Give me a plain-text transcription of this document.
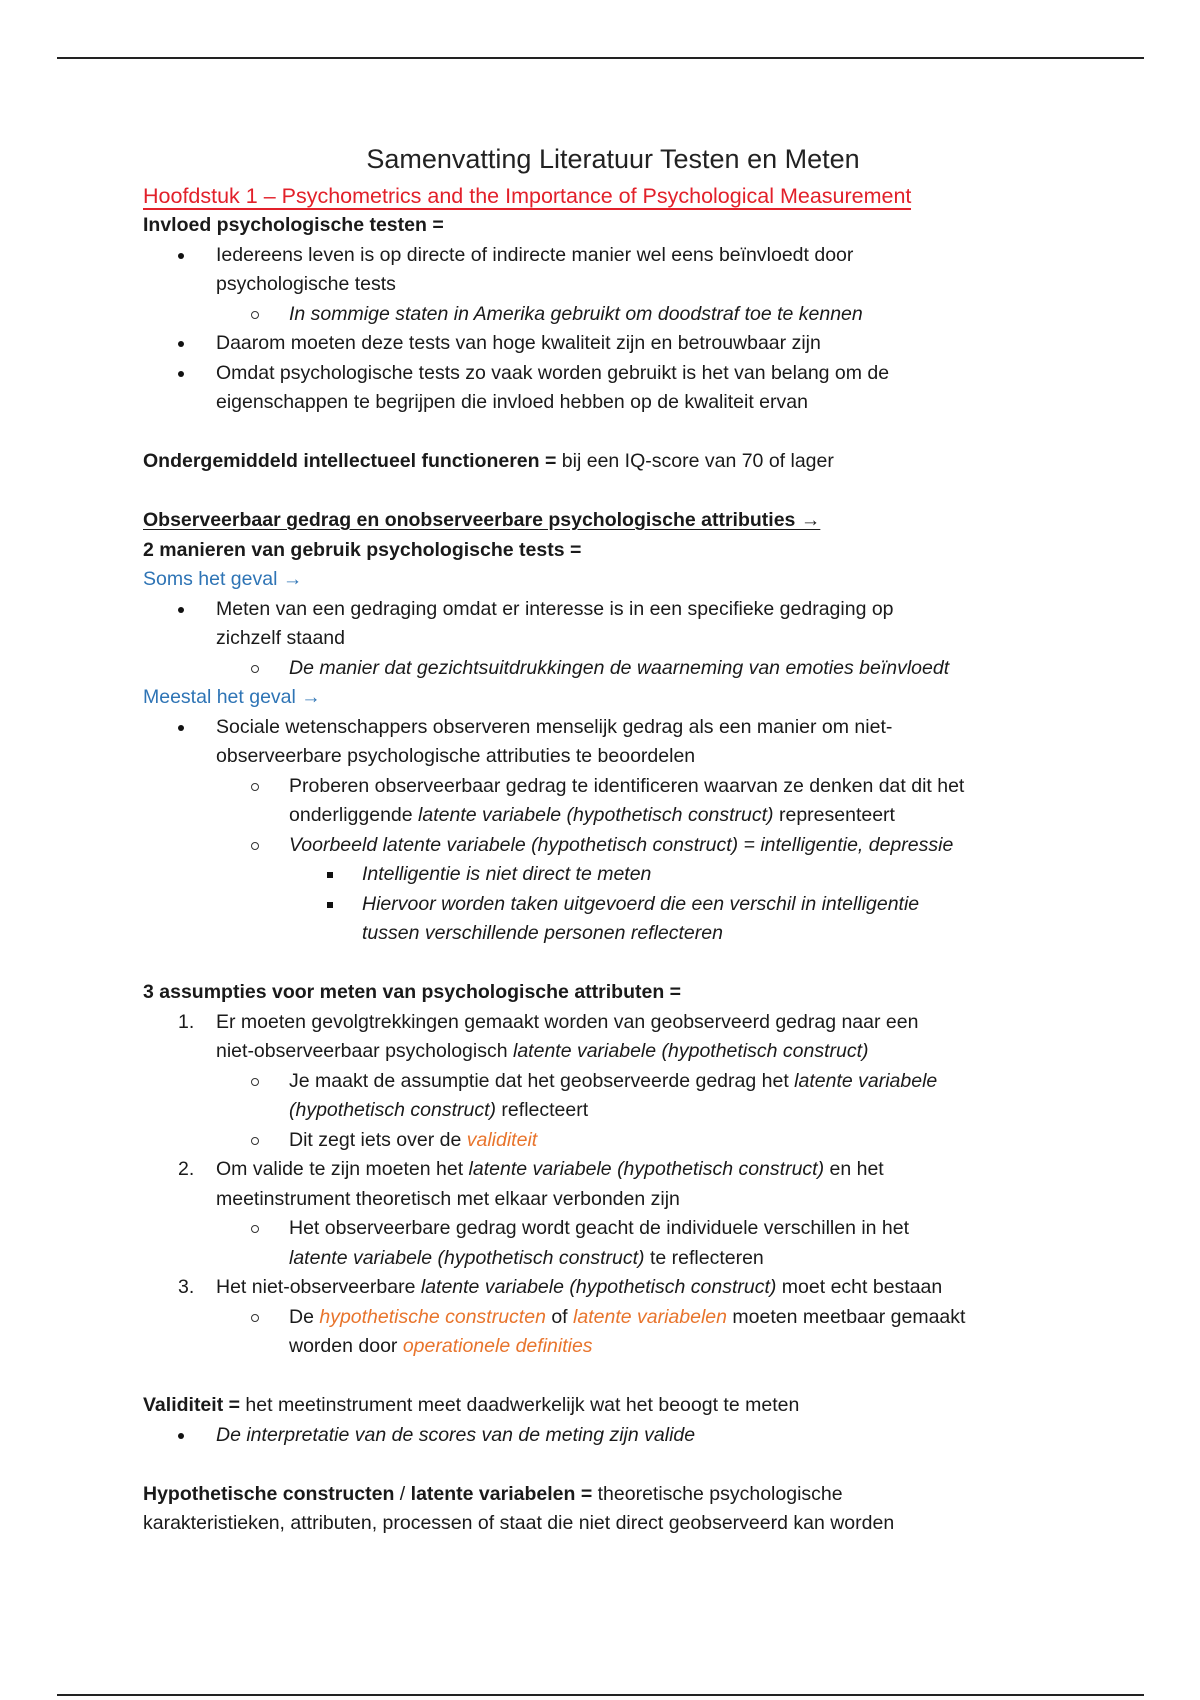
Samenvatting Literatuur Testen en Meten
Hoofdstuk 1 – Psychometrics and the Importance of Psychological Measurement
Invloed psychologische testen =
Iedereens leven is op directe of indirecte manier wel eens beïnvloedt door
psychologische tests
In sommige staten in Amerika gebruikt om doodstraf toe te kennen
Daarom moeten deze tests van hoge kwaliteit zijn en betrouwbaar zijn
Omdat psychologische tests zo vaak worden gebruikt is het van belang om de
eigenschappen te begrijpen die invloed hebben op de kwaliteit ervan
Ondergemiddeld intellectueel functioneren = bij een IQ-score van 70 of lager
Observeerbaar gedrag en onobserveerbare psychologische attributies →
2 manieren van gebruik psychologische tests =
Soms het geval →
Meten van een gedraging omdat er interesse is in een specifieke gedraging op
zichzelf staand
De manier dat gezichtsuitdrukkingen de waarneming van emoties beïnvloedt
Meestal het geval →
Sociale wetenschappers observeren menselijk gedrag als een manier om niet-
observeerbare psychologische attributies te beoordelen
Proberen observeerbaar gedrag te identificeren waarvan ze denken dat dit het
onderliggende latente variabele (hypothetisch construct) representeert
Voorbeeld latente variabele (hypothetisch construct) = intelligentie, depressie
Intelligentie is niet direct te meten
Hiervoor worden taken uitgevoerd die een verschil in intelligentie
tussen verschillende personen reflecteren
3 assumpties voor meten van psychologische attributen =
1. Er moeten gevolgtrekkingen gemaakt worden van geobserveerd gedrag naar een
niet-observeerbaar psychologisch latente variabele (hypothetisch construct)
Je maakt de assumptie dat het geobserveerde gedrag het latente variabele
(hypothetisch construct) reflecteert
Dit zegt iets over de validiteit
2. Om valide te zijn moeten het latente variabele (hypothetisch construct) en het
meetinstrument theoretisch met elkaar verbonden zijn
Het observeerbare gedrag wordt geacht de individuele verschillen in het
latente variabele (hypothetisch construct) te reflecteren
3. Het niet-observeerbare latente variabele (hypothetisch construct) moet echt bestaan
De hypothetische constructen of latente variabelen moeten meetbaar gemaakt
worden door operationele definities
Validiteit = het meetinstrument meet daadwerkelijk wat het beoogt te meten
De interpretatie van de scores van de meting zijn valide
Hypothetische constructen / latente variabelen = theoretische psychologische
karakteristieken, attributen, processen of staat die niet direct geobserveerd kan worden
